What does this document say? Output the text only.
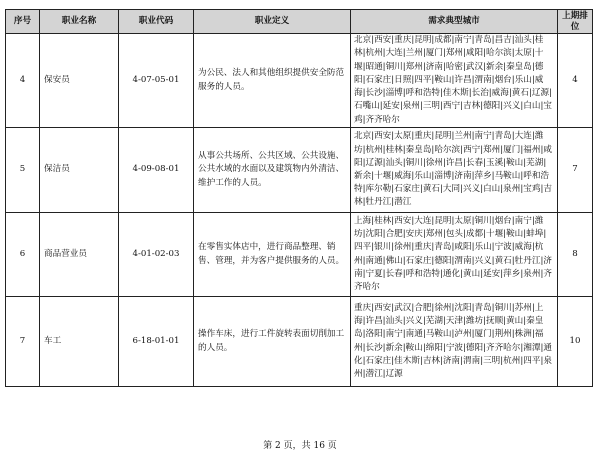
序号	职业名称	职业代码	职业定义	需求典型城市	上期排位
4	保安员	4-07-05-01	为公民、法人和其他组织提供安全防范服务的人员。	北京|西安|重庆|昆明|成都|南宁|青岛|昌吉|汕头|桂林|杭州|大连|兰州|厦门|郑州|咸阳|哈尔滨|太原|十堰|昭通|铜川|郑州|济南|哈密|武汉|新余|秦皇岛|德阳|石家庄|日照|四平|鞍山|许昌|渭南|烟台|乐山|威海|长沙|淄博|呼和浩特|佳木斯|长治|威海|黄石|辽源|石嘴山|延安|泉州|三明|西宁|吉林|德阳|兴义|白山|宝鸡|齐齐哈尔	4
5	保洁员	4-09-08-01	从事公共场所、公共区域、公共设施、公共水域的水面以及建筑物内外清洁、维护工作的人员。	北京|西安|太原|重庆|昆明|兰州|南宁|青岛|大连|潍坊|杭州|桂林|秦皇岛|哈尔滨|西宁|郑州|厦门|福州|咸阳|辽源|汕头|铜川|徐州|许昌|长春|玉溪|鞍山|芜湖|新余|十堰|威海|乐山|淄博|济南|萍乡|马鞍山|呼和浩特|库尔勒|石家庄|黄石|大同|兴义|白山|泉州|宝鸡|吉林|牡丹江|潜江	7
6	商品营业员	4-01-02-03	在零售实体店中，进行商品整理、销售、管理，并为客户提供服务的人员。	上海|桂林|西安|大连|昆明|太原|铜川|烟台|南宁|潍坊|沈阳|合肥|安庆|郑州|包头|成都|十堰|鞍山|蚌埠|四平|银川|徐州|重庆|青岛|咸阳|乐山|宁波|威海|杭州|南通|佛山|石家庄|德阳|渭南|兴义|黄石|牡丹江|济南|宁夏|长春|呼和浩特|通化|黄山|延安|萍乡|泉州|齐齐哈尔	8
7	车工	6-18-01-01	操作车床，进行工件旋转表面切削加工的人员。	重庆|西安|武汉|合肥|徐州|沈阳|青岛|铜川|苏州|上海|许昌|汕头|兴义|芜湖|天津|潍坊|抚顺|黄山|秦皇岛|洛阳|南宁|南通|马鞍山|泸州|厦门|荆州|株洲|福州|长沙|新余|鞍山|绵阳|宁波|德阳|齐齐哈尔|湘潭|通化|石家庄|佳木斯|吉林|济南|渭南|三明|杭州|四平|泉州|潜江|辽源	10
第 2 页，共 16 页
